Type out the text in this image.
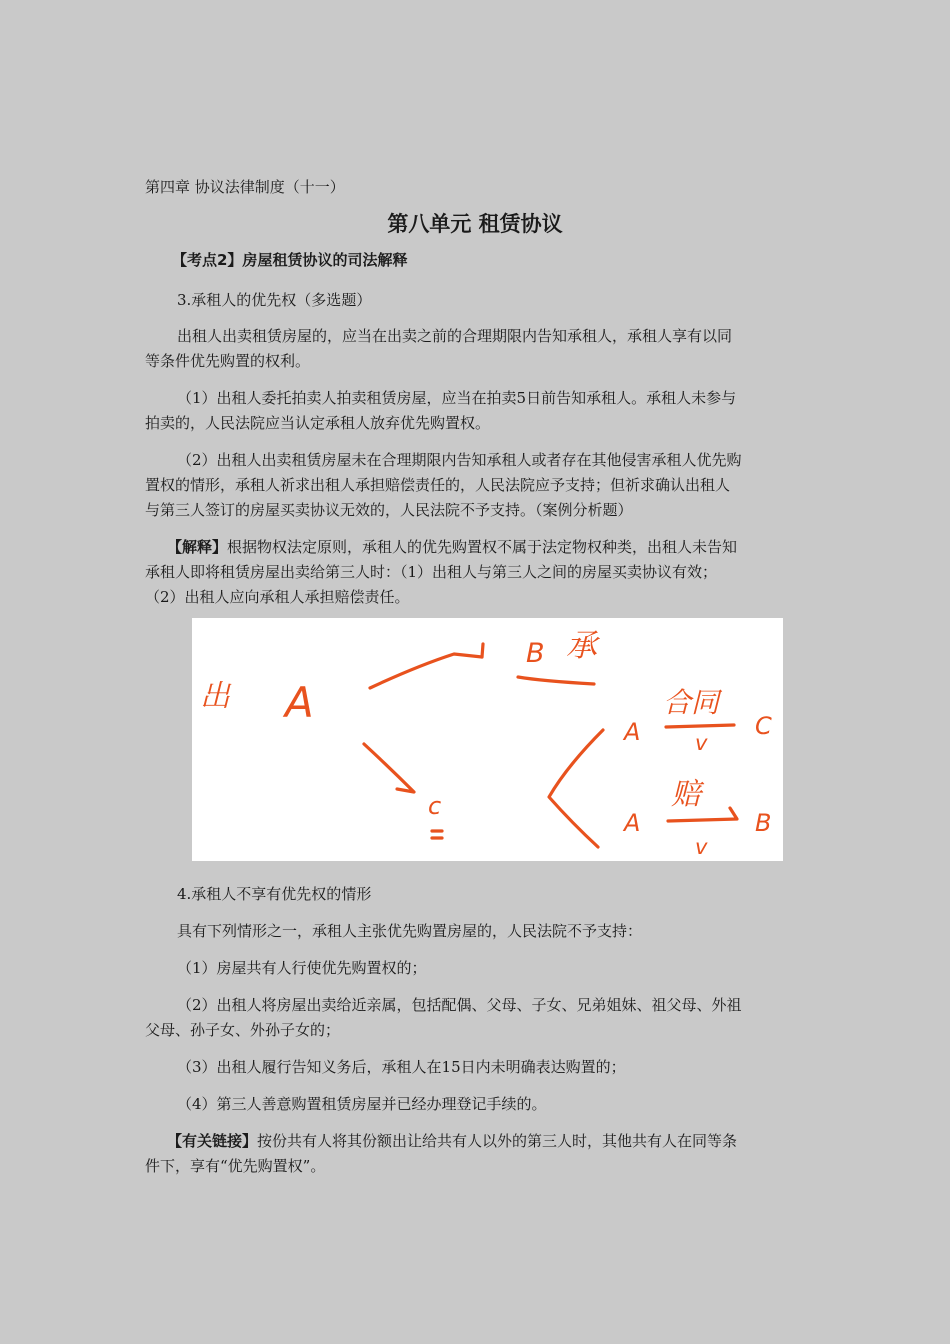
第四章 协议法律制度（十一）
第八单元 租赁协议
【考点2】房屋租赁协议的司法解释
3.承租人的优先权（多选题）
出租人出卖租赁房屋的，应当在出卖之前的合理期限内告知承租人，承租人享有以同
等条件优先购置的权利。
（1）出租人委托拍卖人拍卖租赁房屋，应当在拍卖5日前告知承租人。承租人未参与
拍卖的，人民法院应当认定承租人放弃优先购置权。
（2）出租人出卖租赁房屋未在合理期限内告知承租人或者存在其他侵害承租人优先购
置权的情形，承租人祈求出租人承担赔偿责任的，人民法院应予支持；但祈求确认出租人
与第三人签订的房屋买卖协议无效的，人民法院不予支持。（案例分析题）
【解释】根据物权法定原则，承租人的优先购置权不属于法定物权种类，出租人未告知
承租人即将租赁房屋出卖给第三人时：（1）出租人与第三人之间的房屋买卖协议有效；
（2）出租人应向承租人承担赔偿责任。
出 A
B 承
c
A
合同
v
C
A
赔
v
B
4.承租人不享有优先权的情形
具有下列情形之一，承租人主张优先购置房屋的，人民法院不予支持：
（1）房屋共有人行使优先购置权的；
（2）出租人将房屋出卖给近亲属，包括配偶、父母、子女、兄弟姐妹、祖父母、外祖
父母、孙子女、外孙子女的；
（3）出租人履行告知义务后，承租人在15日内未明确表达购置的；
（4）第三人善意购置租赁房屋并已经办理登记手续的。
【有关链接】按份共有人将其份额出让给共有人以外的第三人时，其他共有人在同等条
件下，享有“优先购置权”。
